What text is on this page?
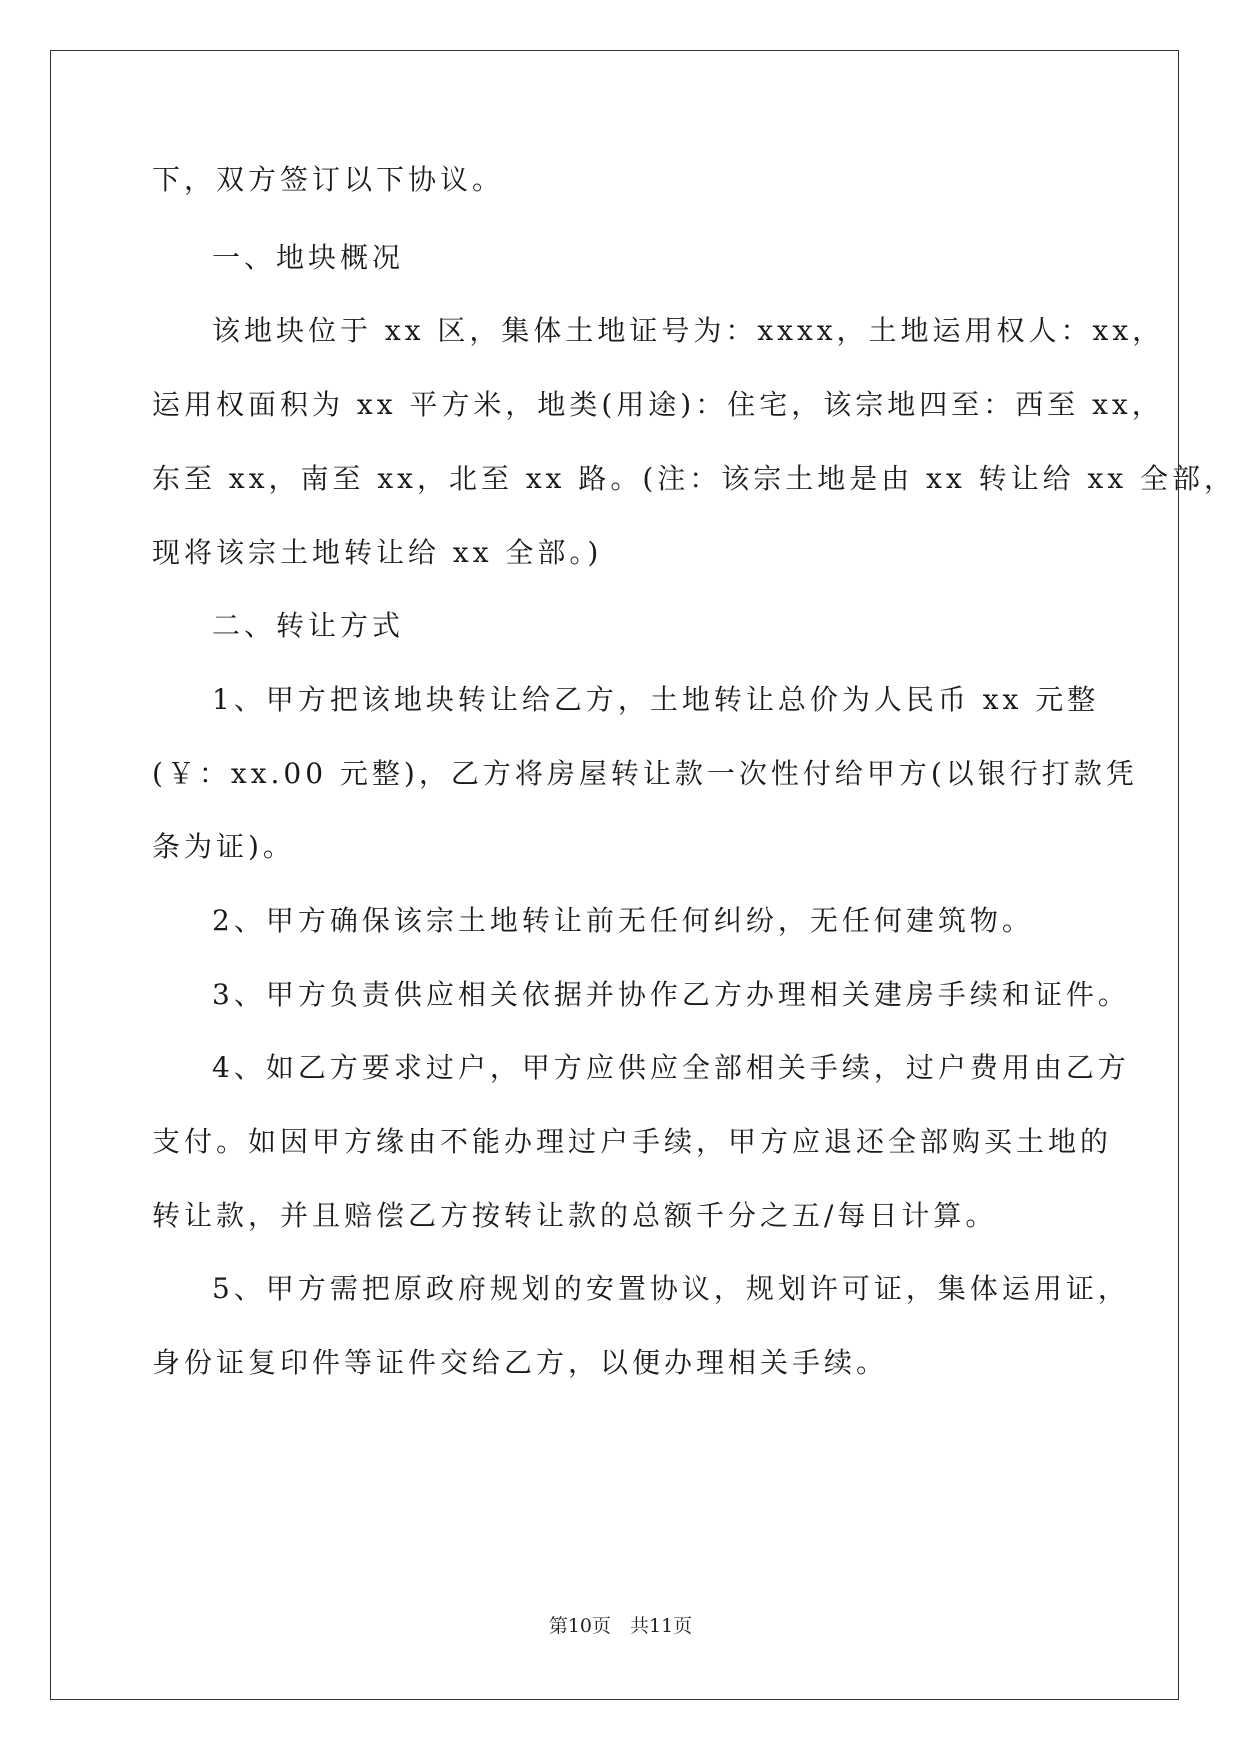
下，双方签订以下协议。
一、地块概况
该地块位于 xx 区，集体土地证号为：xxxx，土地运用权人：xx，
运用权面积为 xx 平方米，地类(用途)：住宅，该宗地四至：西至 xx，
东至 xx，南至 xx，北至 xx 路。(注：该宗土地是由 xx 转让给 xx 全部，
现将该宗土地转让给 xx 全部。)
二、转让方式
1、甲方把该地块转让给乙方，土地转让总价为人民币 xx 元整
(￥：xx.00 元整)，乙方将房屋转让款一次性付给甲方(以银行打款凭
条为证)。
2、甲方确保该宗土地转让前无任何纠纷，无任何建筑物。
3、甲方负责供应相关依据并协作乙方办理相关建房手续和证件。
4、如乙方要求过户，甲方应供应全部相关手续，过户费用由乙方
支付。如因甲方缘由不能办理过户手续，甲方应退还全部购买土地的
转让款，并且赔偿乙方按转让款的总额千分之五/每日计算。
5、甲方需把原政府规划的安置协议，规划许可证，集体运用证，
身份证复印件等证件交给乙方，以便办理相关手续。
第10页　共11页
